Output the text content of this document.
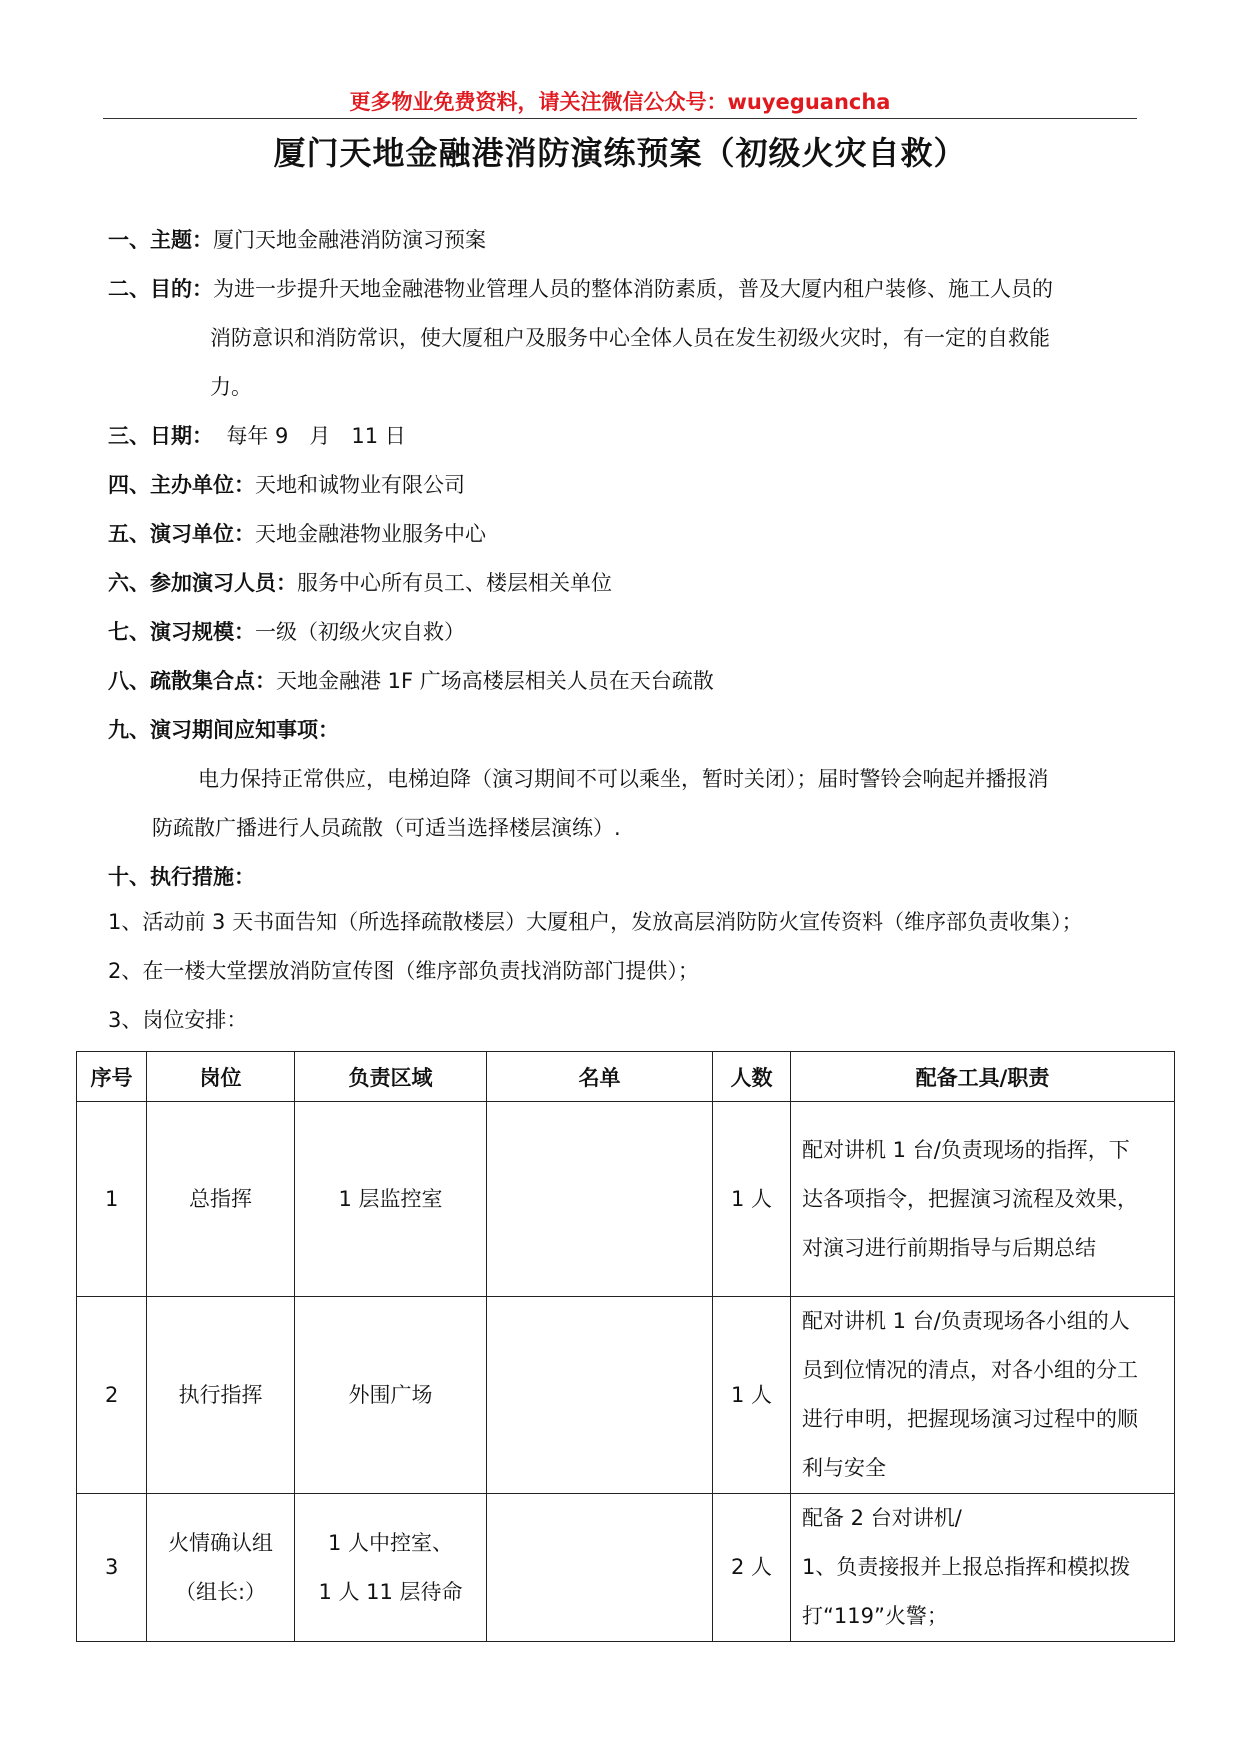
更多物业免费资料，请关注微信公众号：wuyeguancha
厦门天地金融港消防演练预案（初级火灾自救）
一、主题：厦门天地金融港消防演习预案
二、目的：为进一步提升天地金融港物业管理人员的整体消防素质，普及大厦内租户装修、施工人员的
消防意识和消防常识，使大厦租户及服务中心全体人员在发生初级火灾时，有一定的自救能
力。
三、日期： 每年 9　月　11 日
四、主办单位：天地和诚物业有限公司
五、演习单位：天地金融港物业服务中心
六、参加演习人员：服务中心所有员工、楼层相关单位
七、演习规模：一级（初级火灾自救）
八、疏散集合点：天地金融港 1F 广场高楼层相关人员在天台疏散
九、演习期间应知事项：
电力保持正常供应，电梯迫降（演习期间不可以乘坐，暂时关闭）；届时警铃会响起并播报消
防疏散广播进行人员疏散（可适当选择楼层演练）.
十、执行措施：
1、活动前 3 天书面告知（所选择疏散楼层）大厦租户，发放高层消防防火宣传资料（维序部负责收集）；
2、在一楼大堂摆放消防宣传图（维序部负责找消防部门提供）；
3、岗位安排：
序号	岗位	负责区域	名单	人数	配备工具/职责
1	总指挥	1 层监控室		1 人	配对讲机 1 台/负责现场的指挥，下
达各项指令，把握演习流程及效果，
对演习进行前期指导与后期总结

2	执行指挥	外围广场		1 人	配对讲机 1 台/负责现场各小组的人
员到位情况的清点，对各小组的分工
进行申明，把握现场演习过程中的顺
利与安全

3	火情确认组
（组长:）	1 人中控室、
1 人 11 层待命		2 人	配备 2 台对讲机/
1、负责接报并上报总指挥和模拟拨
打“119”火警；
